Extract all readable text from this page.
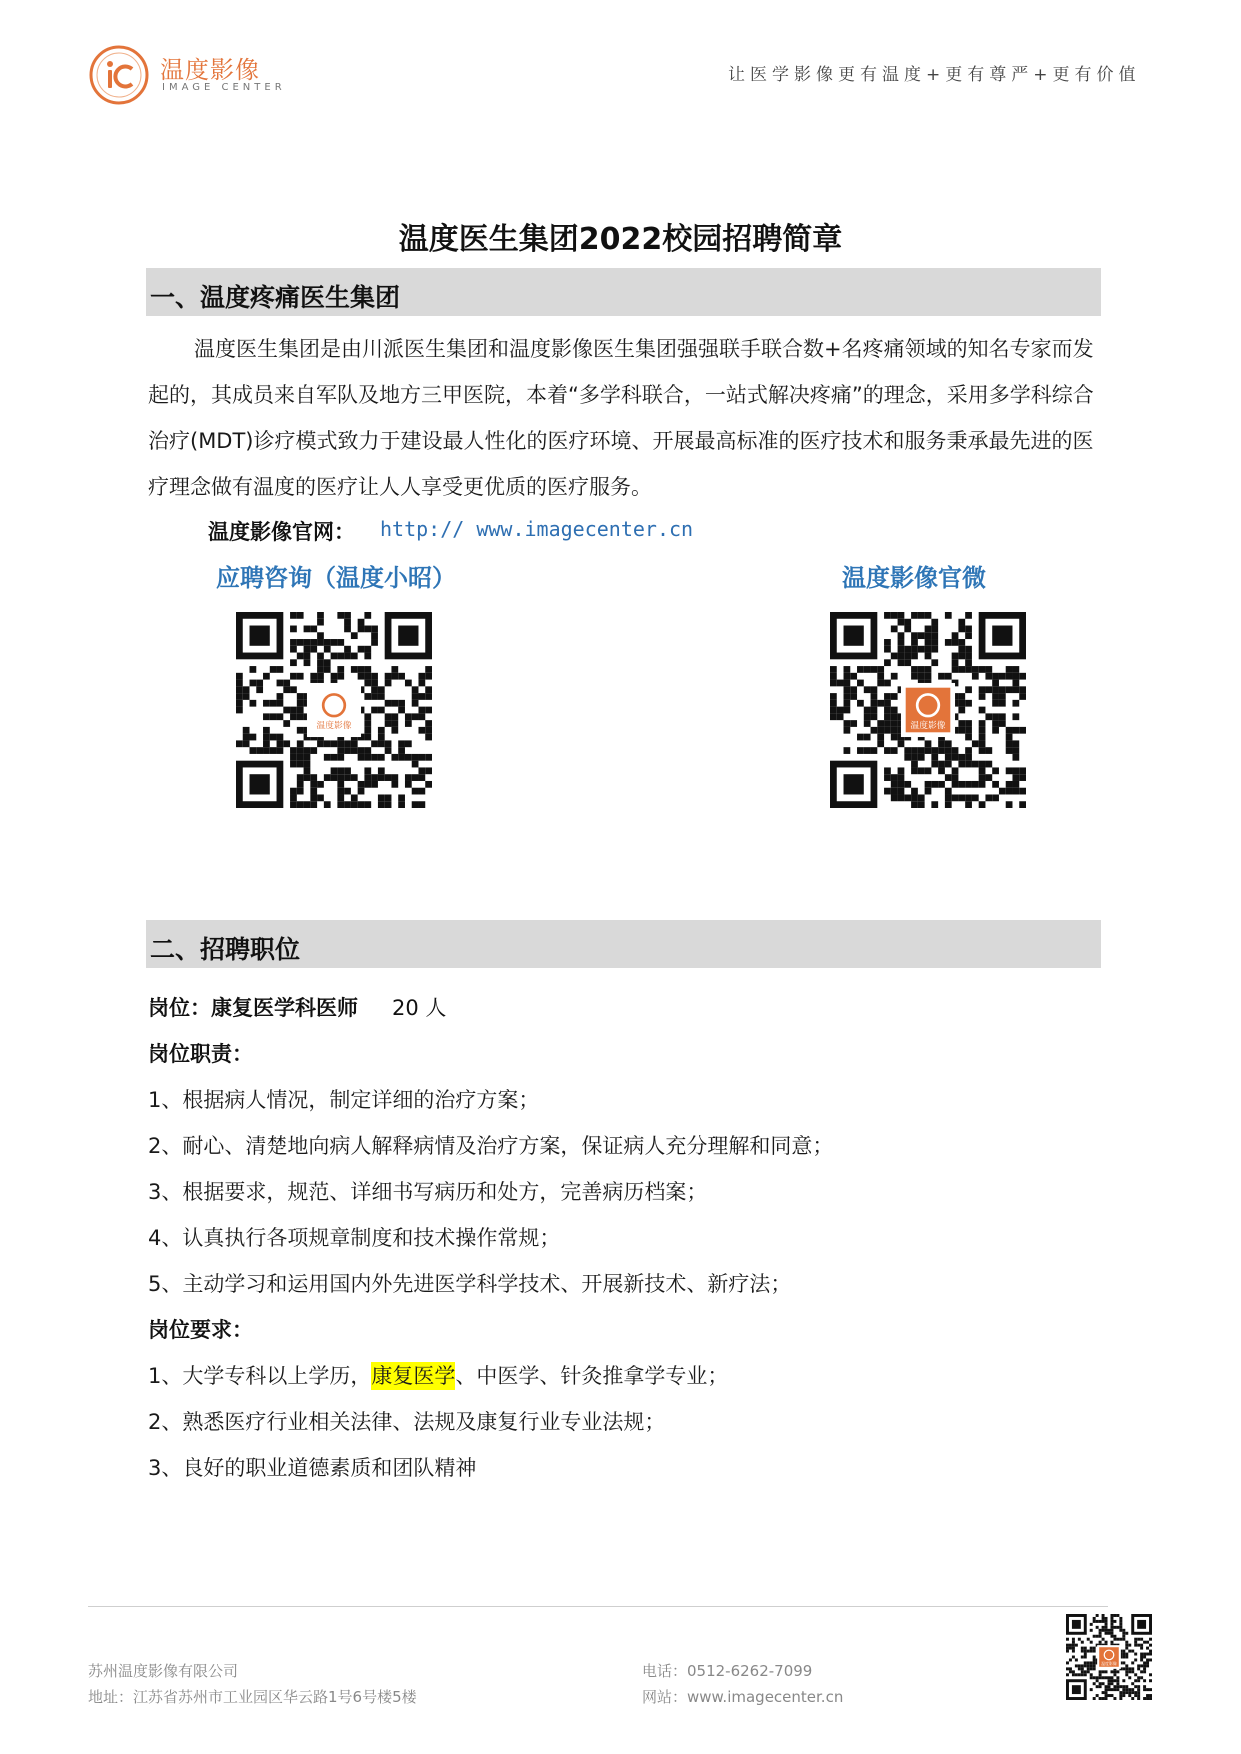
温度影像
IMAGE CENTER
让医学影像更有温度+更有尊严+更有价值
温度医生集团2022校园招聘简章
一、温度疼痛医生集团
温度医生集团是由川派医生集团和温度影像医生集团强强联手联合数+名疼痛领域的知名专家而发起的，其成员来自军队及地方三甲医院，本着“多学科联合，一站式解决疼痛”的理念，采用多学科综合治疗(MDT)诊疗模式致力于建设最人性化的医疗环境、开展最高标准的医疗技术和服务秉承最先进的医疗理念做有温度的医疗让人人享受更优质的医疗服务。
温度影像官网： http:// www.imagecenter.cn
应聘咨询（温度小昭）	温度影像官微
温度影像	温度影像
二、招聘职位
岗位：康复医学科医师 20 人
岗位职责：
1、根据病人情况，制定详细的治疗方案；
2、耐心、清楚地向病人解释病情及治疗方案，保证病人充分理解和同意；
3、根据要求，规范、详细书写病历和处方，完善病历档案；
4、认真执行各项规章制度和技术操作常规；
5、主动学习和运用国内外先进医学科学技术、开展新技术、新疗法；
岗位要求：
1、大学专科以上学历，康复医学、中医学、针灸推拿学专业；
2、熟悉医疗行业相关法律、法规及康复行业专业法规；
3、良好的职业道德素质和团队精神
苏州温度影像有限公司
地址：江苏省苏州市工业园区华云路1号6号楼5楼
电话：0512-6262-7099
网站：www.imagecenter.cn
温度影像
